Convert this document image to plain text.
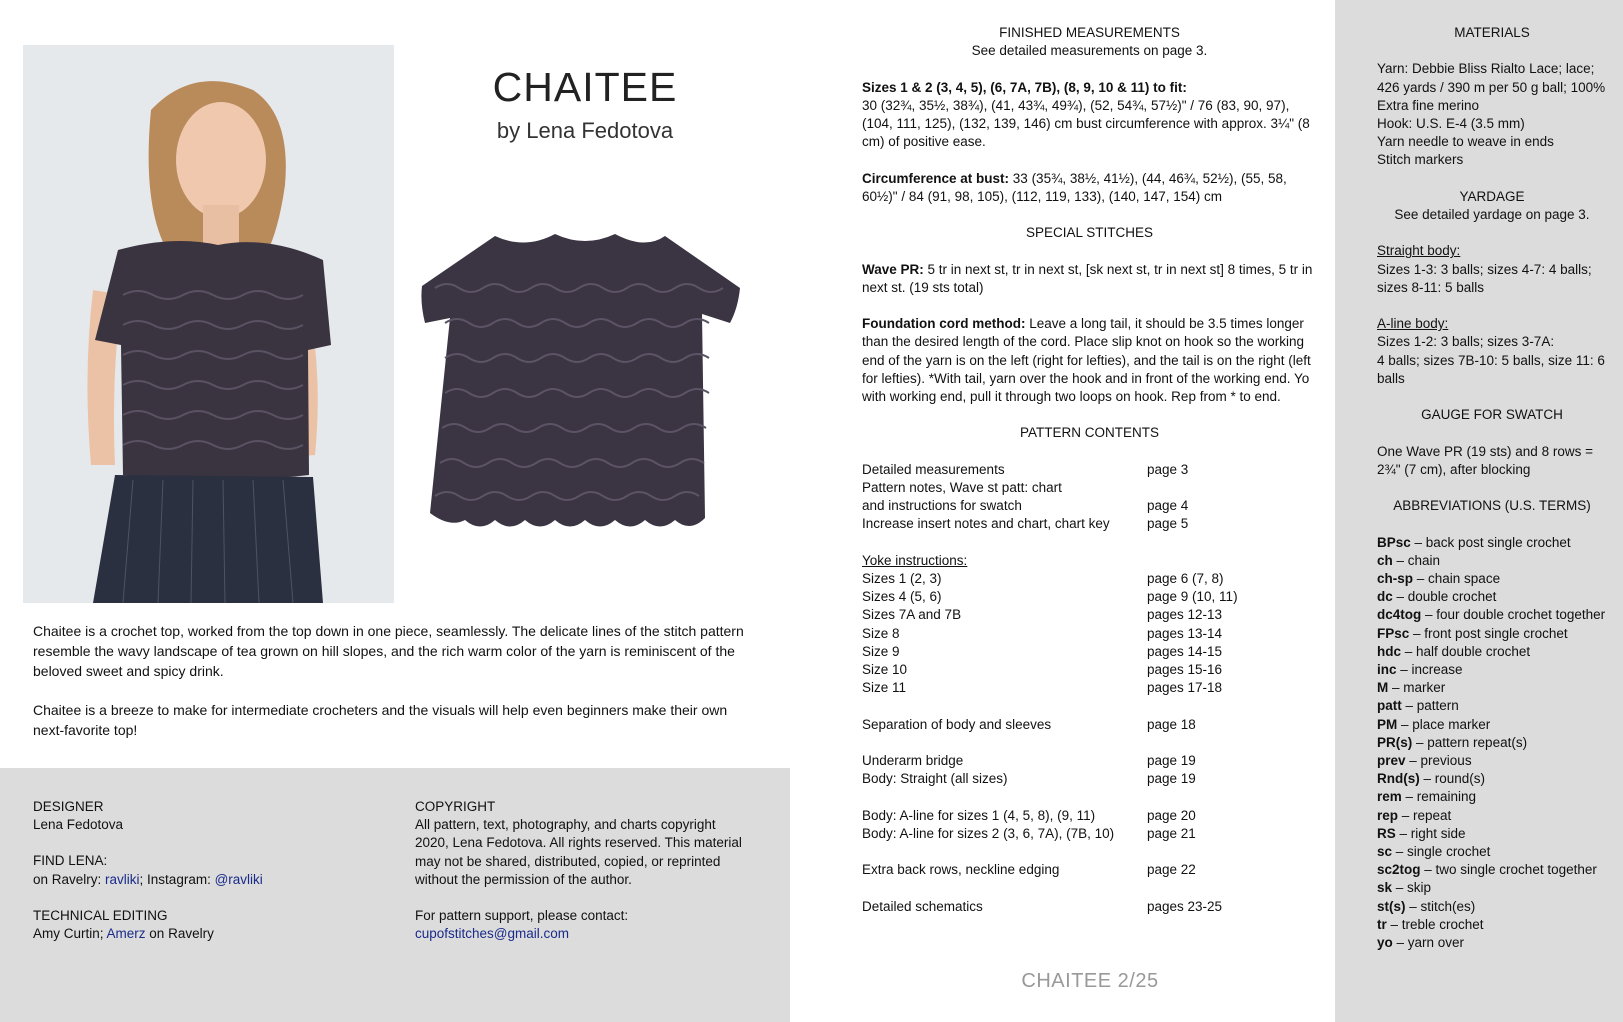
CHAITEE
by Lena Fedotova

Chaitee is a crochet top, worked from the top down in one piece, seamlessly. The delicate lines of the stitch pattern resemble the wavy landscape of tea grown on hill slopes, and the rich warm color of the yarn is reminiscent of the beloved sweet and spicy drink.

Chaitee is a breeze to make for intermediate crocheters and the visuals will help even beginners make their own next-favorite top!

DESIGNER
Lena Fedotova

FIND LENA:
on Ravelry: ravliki; Instagram: @ravliki

TECHNICAL EDITING
Amy Curtin; Amerz on Ravelry

COPYRIGHT
All pattern, text, photography, and charts copyright 2020, Lena Fedotova. All rights reserved. This material may not be shared, distributed, copied, or reprinted without the permission of the author.

For pattern support, please contact:
cupofstitches@gmail.com

FINISHED MEASUREMENTS

See detailed measurements on page 3.

Sizes 1 & 2 (3, 4, 5), (6, 7A, 7B), (8, 9, 10 & 11) to fit:
30 (32¾, 35½, 38¾), (41, 43¾, 49¾), (52, 54¾, 57½)" / 76 (83, 90, 97), (104, 111, 125), (132, 139, 146) cm bust circumference with approx. 3¼" (8 cm) of positive ease.

Circumference at bust: 33 (35¾, 38½, 41½), (44, 46¾, 52½), (55, 58, 60½)" / 84 (91, 98, 105), (112, 119, 133), (140, 147, 154) cm

SPECIAL STITCHES

Wave PR: 5 tr in next st, tr in next st, [sk next st, tr in next st] 8 times, 5 tr in next st. (19 sts total)

Foundation cord method: Leave a long tail, it should be 3.5 times longer than the desired length of the cord. Place slip knot on hook so the working end of the yarn is on the left (right for lefties), and the tail is on the right (left for lefties). *With tail, yarn over the hook and in front of the working end. Yo with working end, pull it through two loops on hook. Rep from * to end.

PATTERN CONTENTS

Detailed measurements	page 3
Pattern notes, Wave st patt: chart
and instructions for swatch	page 4
Increase insert notes and chart, chart key	page 5

Yoke instructions:

Sizes 1 (2, 3)	page 6 (7, 8)
Sizes 4 (5, 6)	page 9 (10, 11)
Sizes 7A and 7B	pages 12-13
Size 8	pages 13-14
Size 9	pages 14-15
Size 10	pages 15-16
Size 11	pages 17-18
Separation of body and sleeves	page 18
Underarm bridge	page 19
Body: Straight (all sizes)	page 19
Body: A-line for sizes 1 (4, 5, 8), (9, 11)	page 20
Body: A-line for sizes 2 (3, 6, 7A), (7B, 10)	page 21
Extra back rows, neckline edging	page 22
Detailed schematics	pages 23-25
CHAITEE 2/25

MATERIALS

Yarn: Debbie Bliss Rialto Lace; lace; 426 yards / 390 m per 50 g ball; 100% Extra fine merino

Hook: U.S. E-4 (3.5 mm)

Yarn needle to weave in ends

Stitch markers

YARDAGE

See detailed yardage on page 3.

Straight body:

Sizes 1-3: 3 balls; sizes 4-7: 4 balls; sizes 8-11: 5 balls

A-line body:

Sizes 1-2: 3 balls; sizes 3-7A:

4 balls; sizes 7B-10: 5 balls, size 11: 6 balls

GAUGE FOR SWATCH

One Wave PR (19 sts) and 8 rows = 2¾" (7 cm), after blocking

ABBREVIATIONS (U.S. TERMS)

BPsc – back post single crochet

ch – chain

ch-sp – chain space

dc – double crochet

dc4tog – four double crochet together

FPsc – front post single crochet

hdc – half double crochet

inc – increase

M – marker

patt – pattern

PM – place marker

PR(s) – pattern repeat(s)

prev – previous

Rnd(s) – round(s)

rem – remaining

rep – repeat

RS – right side

sc – single crochet

sc2tog – two single crochet together

sk – skip

st(s) – stitch(es)

tr – treble crochet

yo – yarn over
